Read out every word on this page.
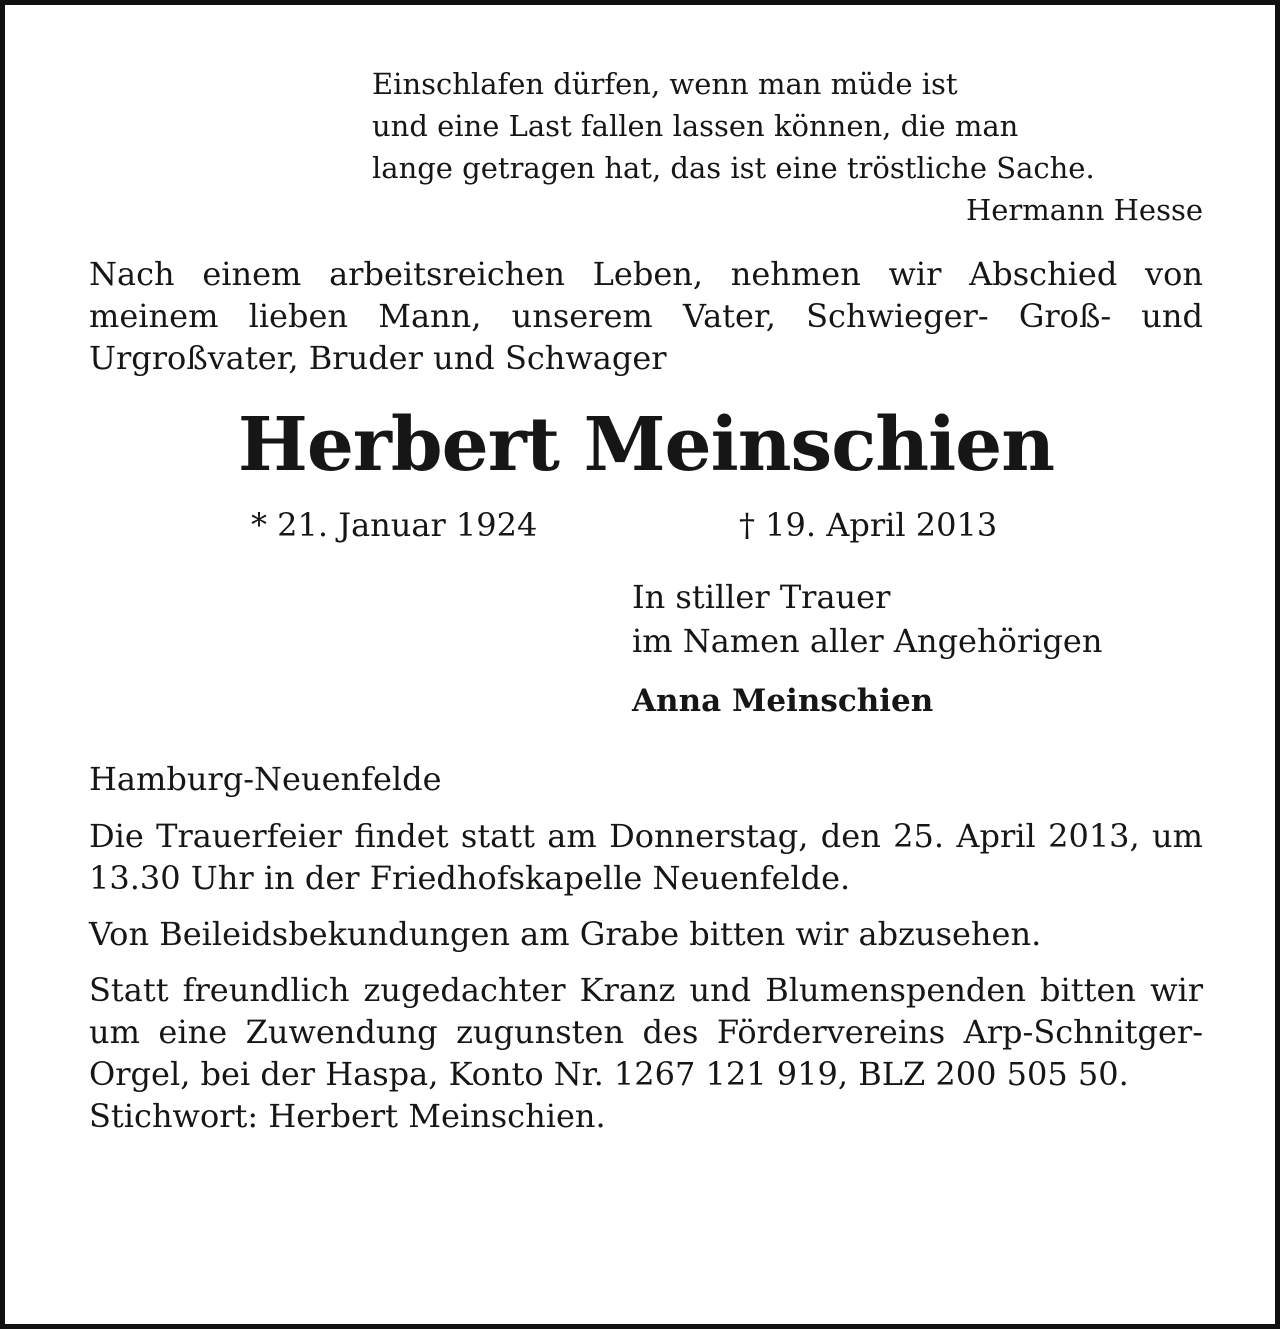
Einschlafen dürfen, wenn man müde ist
und eine Last fallen lassen können, die man
lange getragen hat, das ist eine tröstliche Sache.
Hermann Hesse
Nach einem arbeitsreichen Leben, nehmen wir Abschied von meinem lieben Mann, unserem Vater, Schwieger- Groß- und Urgroßvater, Bruder und Schwager
Herbert Meinschien
* 21. Januar 1924	† 19. April 2013
In stiller Trauer
im Namen aller Angehörigen
Anna Meinschien
Hamburg-Neuenfelde
Die Trauerfeier findet statt am Donnerstag, den 25. April 2013, um 13.30 Uhr in der Friedhofskapelle Neuenfelde.
Von Beileidsbekundungen am Grabe bitten wir abzusehen.
Statt freundlich zugedachter Kranz und Blumenspenden bitten wir um eine Zuwendung zugunsten des Fördervereins Arp-Schnitger-Orgel, bei der Haspa, Konto Nr. 1267 121 919, BLZ 200 505 50.
Stichwort: Herbert Meinschien.
